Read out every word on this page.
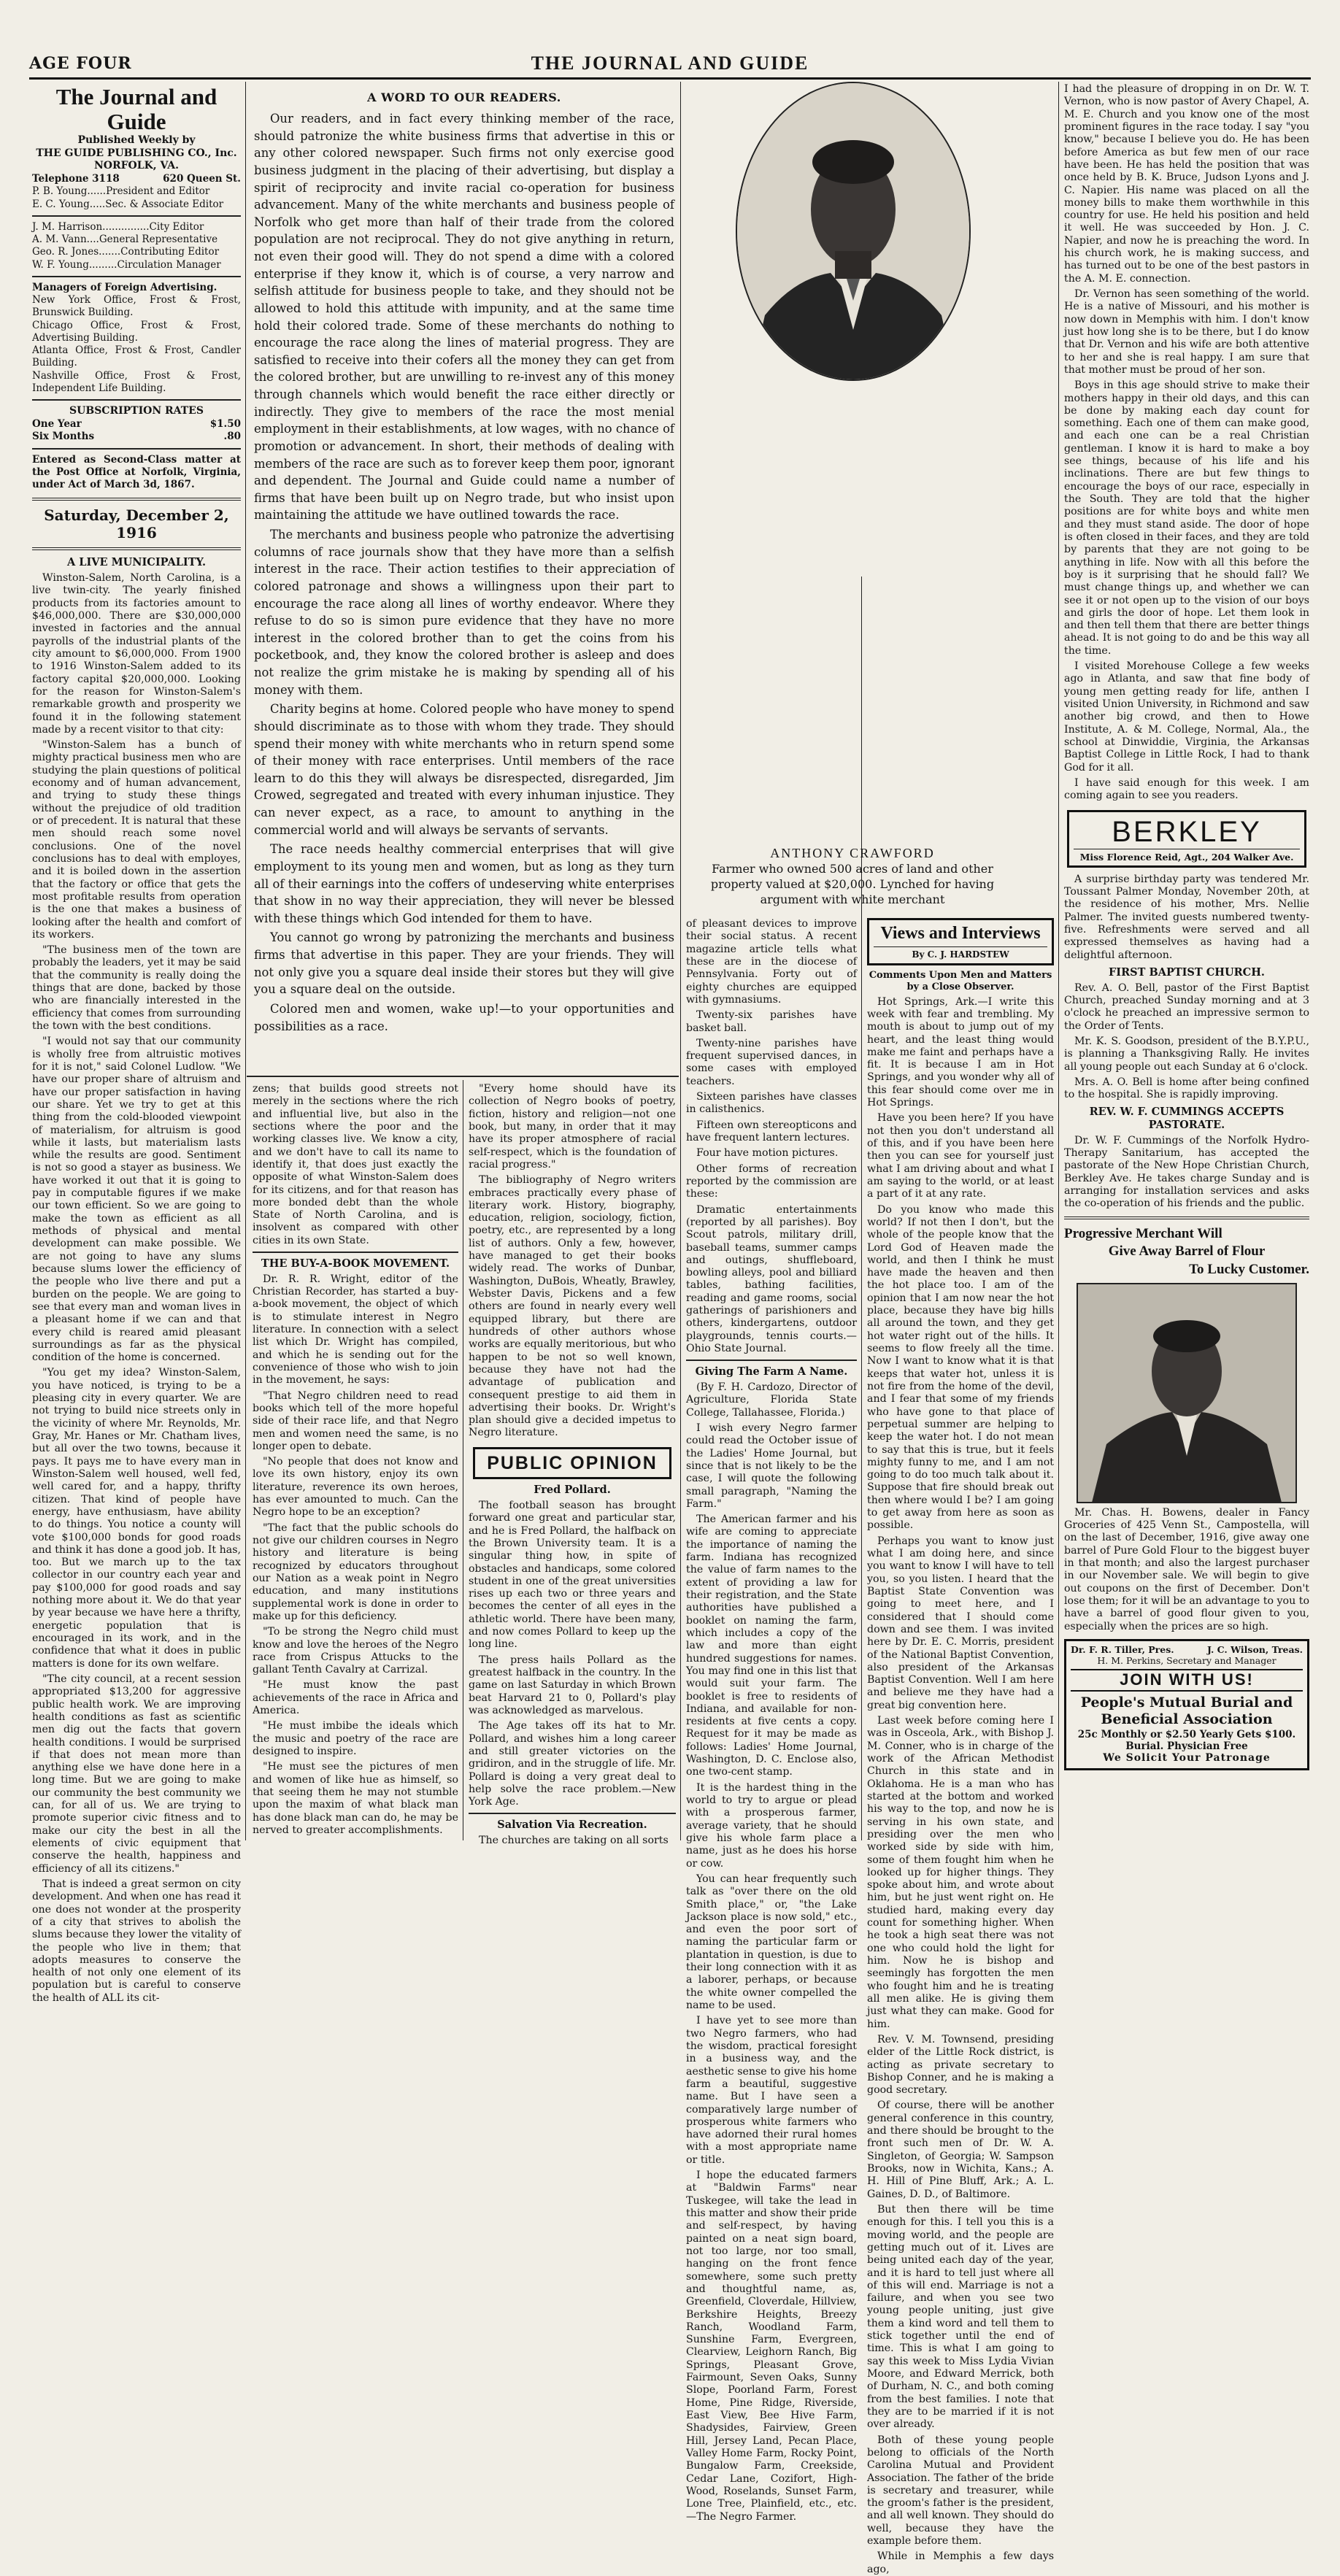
AGE FOUR	THE JOURNAL AND GUIDE
The Journal and Guide

Published Weekly by

THE GUIDE PUBLISHING CO., Inc.

NORFOLK, VA.

Telephone 3118	620 Queen St.
P. B. Young......President and Editor
E. C. Young.....Sec. & Associate Editor
J. M. Harrison...............City Editor
A. M. Vann....General Representative
Geo. R. Jones.......Contributing Editor
W. F. Young.........Circulation Manager
Managers of Foreign Advertising.
New York Office, Frost & Frost, Brunswick Building.
Chicago Office, Frost & Frost, Advertising Building.
Atlanta Office, Frost & Frost, Candler Building.
Nashville Office, Frost & Frost, Independent Life Building.
SUBSCRIPTION RATES
One Year	$1.50
Six Months	.80
Entered as Second-Class matter at the Post Office at Norfolk, Virginia, under Act of March 3d, 1867.
Saturday, December 2, 1916
A LIVE MUNICIPALITY.

Winston-Salem, North Carolina, is a live twin-city. The yearly finished products from its factories amount to $46,000,000. There are $30,000,000 invested in factories and the annual payrolls of the industrial plants of the city amount to $6,000,000. From 1900 to 1916 Winston-Salem added to its factory capital $20,000,000. Looking for the reason for Winston-Salem's remarkable growth and prosperity we found it in the following statement made by a recent visitor to that city:

"Winston-Salem has a bunch of mighty practical business men who are studying the plain questions of political economy and of human advancement, and trying to study these things without the prejudice of old tradition or of precedent. It is natural that these men should reach some novel conclusions. One of the novel conclusions has to deal with employes, and it is boiled down in the assertion that the factory or office that gets the most profitable results from operation is the one that makes a business of looking after the health and comfort of its workers.

"The business men of the town are probably the leaders, yet it may be said that the community is really doing the things that are done, backed by those who are financially interested in the efficiency that comes from surrounding the town with the best conditions.

"I would not say that our community is wholly free from altruistic motives for it is not," said Colonel Ludlow. "We have our proper share of altruism and have our proper satisfaction in having our share. Yet we try to get at this thing from the cold-blooded viewpoint of materialism, for altruism is good while it lasts, but materialism lasts while the results are good. Sentiment is not so good a stayer as business. We have worked it out that it is going to pay in computable figures if we make our town efficient. So we are going to make the town as efficient as all methods of physical and mental development can make possible. We are not going to have any slums because slums lower the efficiency of the people who live there and put a burden on the people. We are going to see that every man and woman lives in a pleasant home if we can and that every child is reared amid pleasant surroundings as far as the physical condition of the home is concerned.

"You get my idea? Winston-Salem, you have noticed, is trying to be a pleasing city in every quarter. We are not trying to build nice streets only in the vicinity of where Mr. Reynolds, Mr. Gray, Mr. Hanes or Mr. Chatham lives, but all over the two towns, because it pays. It pays me to have every man in Winston-Salem well housed, well fed, well cared for, and a happy, thrifty citizen. That kind of people have energy, have enthusiasm, have ability to do things. You notice a county will vote $100,000 bonds for good roads and think it has done a good job. It has, too. But we march up to the tax collector in our country each year and pay $100,000 for good roads and say nothing more about it. We do that year by year because we have here a thrifty, energetic population that is encouraged in its work, and in the confidence that what it does in public matters is done for its own welfare.

"The city council, at a recent session appropriated $13,200 for aggressive public health work. We are improving health conditions as fast as scientific men dig out the facts that govern health conditions. I would be surprised if that does not mean more than anything else we have done here in a long time. But we are going to make our community the best community we can, for all of us. We are trying to promote superior civic fitness and to make our city the best in all the elements of civic equipment that conserve the health, happiness and efficiency of all its citizens."

That is indeed a great sermon on city development. And when one has read it one does not wonder at the prosperity of a city that strives to abolish the slums because they lower the vitality of the people who live in them; that adopts measures to conserve the health of not only one element of its population but is careful to conserve the health of ALL its cit-

A WORD TO OUR READERS.

Our readers, and in fact every thinking member of the race, should patronize the white business firms that advertise in this or any other colored newspaper. Such firms not only exercise good business judgment in the placing of their advertising, but display a spirit of reciprocity and invite racial co-operation for business advancement. Many of the white merchants and business people of Norfolk who get more than half of their trade from the colored population are not reciprocal. They do not give anything in return, not even their good will. They do not spend a dime with a colored enterprise if they know it, which is of course, a very narrow and selfish attitude for business people to take, and they should not be allowed to hold this attitude with impunity, and at the same time hold their colored trade. Some of these merchants do nothing to encourage the race along the lines of material progress. They are satisfied to receive into their cofers all the money they can get from the colored brother, but are unwilling to re-invest any of this money through channels which would benefit the race either directly or indirectly. They give to members of the race the most menial employment in their establishments, at low wages, with no chance of promotion or advancement. In short, their methods of dealing with members of the race are such as to forever keep them poor, ignorant and dependent. The Journal and Guide could name a number of firms that have been built up on Negro trade, but who insist upon maintaining the attitude we have outlined towards the race.

The merchants and business people who patronize the advertising columns of race journals show that they have more than a selfish interest in the race. Their action testifies to their appreciation of colored patronage and shows a willingness upon their part to encourage the race along all lines of worthy endeavor. Where they refuse to do so is simon pure evidence that they have no more interest in the colored brother than to get the coins from his pocketbook, and, they know the colored brother is asleep and does not realize the grim mistake he is making by spending all of his money with them.

Charity begins at home. Colored people who have money to spend should discriminate as to those with whom they trade. They should spend their money with white merchants who in return spend some of their money with race enterprises. Until members of the race learn to do this they will always be disrespected, disregarded, Jim Crowed, segregated and treated with every inhuman injustice. They can never expect, as a race, to amount to anything in the commercial world and will always be servants of servants.

The race needs healthy commercial enterprises that will give employment to its young men and women, but as long as they turn all of their earnings into the coffers of undeserving white enterprises that show in no way their appreciation, they will never be blessed with these things which God intended for them to have.

You cannot go wrong by patronizing the merchants and business firms that advertise in this paper. They are your friends. They will not only give you a square deal inside their stores but they will give you a square deal on the outside.

Colored men and women, wake up!—to your opportunities and possibilities as a race.

zens; that builds good streets not merely in the sections where the rich and influential live, but also in the sections where the poor and the working classes live. We know a city, and we don't have to call its name to identify it, that does just exactly the opposite of what Winston-Salem does for its citizens, and for that reason has more bonded debt than the whole State of North Carolina, and is insolvent as compared with other cities in its own State.

THE BUY-A-BOOK MOVEMENT.

Dr. R. R. Wright, editor of the Christian Recorder, has started a buy-a-book movement, the object of which is to stimulate interest in Negro literature. In connection with a select list which Dr. Wright has compiled, and which he is sending out for the convenience of those who wish to join in the movement, he says:

"That Negro children need to read books which tell of the more hopeful side of their race life, and that Negro men and women need the same, is no longer open to debate.

"No people that does not know and love its own history, enjoy its own literature, reverence its own heroes, has ever amounted to much. Can the Negro hope to be an exception?

"The fact that the public schools do not give our children courses in Negro history and literature is being recognized by educators throughout our Nation as a weak point in Negro education, and many institutions supplemental work is done in order to make up for this deficiency.

"To be strong the Negro child must know and love the heroes of the Negro race from Crispus Attucks to the gallant Tenth Cavalry at Carrizal.

"He must know the past achievements of the race in Africa and America.

"He must imbibe the ideals which the music and poetry of the race are designed to inspire.

"He must see the pictures of men and women of like hue as himself, so that seeing them he may not stumble upon the maxim of what black man has done black man can do, he may be nerved to greater accomplishments.

"Every home should have its collection of Negro books of poetry, fiction, history and religion—not one book, but many, in order that it may have its proper atmosphere of racial self-respect, which is the foundation of racial progress."

The bibliography of Negro writers embraces practically every phase of literary work. History, biography, education, religion, sociology, fiction, poetry, etc., are represented by a long list of authors. Only a few, however, have managed to get their books widely read. The works of Dunbar, Washington, DuBois, Wheatly, Brawley, Webster Davis, Pickens and a few others are found in nearly every well equipped library, but there are hundreds of other authors whose works are equally meritorious, but who happen to be not so well known, because they have not had the advantage of publication and consequent prestige to aid them in advertising their books. Dr. Wright's plan should give a decided impetus to Negro literature.

PUBLIC OPINION
Fred Pollard.

The football season has brought forward one great and particular star, and he is Fred Pollard, the halfback on the Brown University team. It is a singular thing how, in spite of obstacles and handicaps, some colored student in one of the great universities rises up each two or three years and becomes the center of all eyes in the athletic world. There have been many, and now comes Pollard to keep up the long line.

The press hails Pollard as the greatest halfback in the country. In the game on last Saturday in which Brown beat Harvard 21 to 0, Pollard's play was acknowledged as marvelous.

The Age takes off its hat to Mr. Pollard, and wishes him a long career and still greater victories on the gridiron, and in the struggle of life. Mr. Pollard is doing a very great deal to help solve the race problem.—New York Age.

Salvation Via Recreation.

The churches are taking on all sorts

ANTHONY CRAWFORD
Farmer who owned 500 acres of land and other property valued at $20,000. Lynched for having argument with white merchant

of pleasant devices to improve their social status. A recent magazine article tells what these are in the diocese of Pennsylvania. Forty out of eighty churches are equipped with gymnasiums.

Twenty-six parishes have basket ball.

Twenty-nine parishes have frequent supervised dances, in some cases with employed teachers.

Sixteen parishes have classes in calisthenics.

Fifteen own stereopticons and have frequent lantern lectures.

Four have motion pictures.

Other forms of recreation reported by the commission are these:

Dramatic entertainments (reported by all parishes). Boy Scout patrols, military drill, baseball teams, summer camps and outings, shuffleboard, bowling alleys, pool and billiard tables, bathing facilities, reading and game rooms, social gatherings of parishioners and others, kindergartens, outdoor playgrounds, tennis courts.—Ohio State Journal.

Giving The Farm A Name.

(By F. H. Cardozo, Director of Agriculture, Florida State College, Tallahassee, Florida.)

I wish every Negro farmer could read the October issue of the Ladies' Home Journal, but since that is not likely to be the case, I will quote the following small paragraph, "Naming the Farm."

The American farmer and his wife are coming to appreciate the importance of naming the farm. Indiana has recognized the value of farm names to the extent of providing a law for their registration, and the State authorities have published a booklet on naming the farm, which includes a copy of the law and more than eight hundred suggestions for names. You may find one in this list that would suit your farm. The booklet is free to residents of Indiana, and available for non-residents at five cents a copy. Request for it may be made as follows: Ladies' Home Journal, Washington, D. C. Enclose also, one two-cent stamp.

It is the hardest thing in the world to try to argue or plead with a prosperous farmer, average variety, that he should give his whole farm place a name, just as he does his horse or cow.

You can hear frequently such talk as "over there on the old Smith place," or, "the Lake Jackson place is now sold," etc., and even the poor sort of naming the particular farm or plantation in question, is due to their long connection with it as a laborer, perhaps, or because the white owner compelled the name to be used.

I have yet to see more than two Negro farmers, who had the wisdom, practical foresight in a business way, and the aesthetic sense to give his home farm a beautiful, suggestive name. But I have seen a comparatively large number of prosperous white farmers who have adorned their rural homes with a most appropriate name or title.

I hope the educated farmers at "Baldwin Farms" near Tuskegee, will take the lead in this matter and show their pride and self-respect, by having painted on a neat sign board, not too large, nor too small, hanging on the front fence somewhere, some such pretty and thoughtful name, as, Greenfield, Cloverdale, Hillview, Berkshire Heights, Breezy Ranch, Woodland Farm, Sunshine Farm, Evergreen, Clearview, Leighorn Ranch, Big Springs, Pleasant Grove, Fairmount, Seven Oaks, Sunny Slope, Poorland Farm, Forest Home, Pine Ridge, Riverside, East View, Bee Hive Farm, Shadysides, Fairview, Green Hill, Jersey Land, Pecan Place, Valley Home Farm, Rocky Point, Bungalow Farm, Creekside, Cedar Lane, Cozifort, High-Wood, Roselands, Sunset Farm, Lone Tree, Plainfield, etc., etc.—The Negro Farmer.

Views and Interviews
By C. J. HARDSTEW
Comments Upon Men and Matters by a Close Observer.

Hot Springs, Ark.—I write this week with fear and trembling. My mouth is about to jump out of my heart, and the least thing would make me faint and perhaps have a fit. It is because I am in Hot Springs, and you wonder why all of this fear should come over me in Hot Springs.

Have you been here? If you have not then you don't understand all of this, and if you have been here then you can see for yourself just what I am driving about and what I am saying to the world, or at least a part of it at any rate.

Do you know who made this world? If not then I don't, but the whole of the people know that the Lord God of Heaven made the world, and then I think he must have made the heaven and then the hot place too. I am of the opinion that I am now near the hot place, because they have big hills all around the town, and they get hot water right out of the hills. It seems to flow freely all the time. Now I want to know what it is that keeps that water hot, unless it is not fire from the home of the devil, and I fear that some of my friends who have gone to that place of perpetual summer are helping to keep the water hot. I do not mean to say that this is true, but it feels mighty funny to me, and I am not going to do too much talk about it. Suppose that fire should break out then where would I be? I am going to get away from here as soon as possible.

Perhaps you want to know just what I am doing here, and since you want to know I will have to tell you, so you listen. I heard that the Baptist State Convention was going to meet here, and I considered that I should come down and see them. I was invited here by Dr. E. C. Morris, president of the National Baptist Convention, also president of the Arkansas Baptist Convention. Well I am here and believe me they have had a great big convention here.

Last week before coming here I was in Osceola, Ark., with Bishop J. M. Conner, who is in charge of the work of the African Methodist Church in this state and in Oklahoma. He is a man who has started at the bottom and worked his way to the top, and now he is serving in his own state, and presiding over the men who worked side by side with him, some of them fought him when he looked up for higher things. They spoke about him, and wrote about him, but he just went right on. He studied hard, making every day count for something higher. When he took a high seat there was not one who could hold the light for him. Now he is bishop and seemingly has forgotten the men who fought him and he is treating all men alike. He is giving them just what they can make. Good for him.

Rev. V. M. Townsend, presiding elder of the Little Rock district, is acting as private secretary to Bishop Conner, and he is making a good secretary.

Of course, there will be another general conference in this country, and there should be brought to the front such men of Dr. W. A. Singleton, of Georgia; W. Sampson Brooks, now in Wichita, Kans.; A. H. Hill of Pine Bluff, Ark.; A. L. Gaines, D. D., of Baltimore.

But then there will be time enough for this. I tell you this is a moving world, and the people are getting much out of it. Lives are being united each day of the year, and it is hard to tell just where all of this will end. Marriage is not a failure, and when you see two young people uniting, just give them a kind word and tell them to stick together until the end of time. This is what I am going to say this week to Miss Lydia Vivian Moore, and Edward Merrick, both of Durham, N. C., and both coming from the best families. I note that they are to be married if it is not over already.

Both of these young people belong to officials of the North Carolina Mutual and Provident Association. The father of the bride is secretary and treasurer, while the groom's father is the president, and all well known. They should do well, because they have the example before them.

While in Memphis a few days ago,

I had the pleasure of dropping in on Dr. W. T. Vernon, who is now pastor of Avery Chapel, A. M. E. Church and you know one of the most prominent figures in the race today. I say "you know," because I believe you do. He has been before America as but few men of our race have been. He has held the position that was once held by B. K. Bruce, Judson Lyons and J. C. Napier. His name was placed on all the money bills to make them worthwhile in this country for use. He held his position and held it well. He was succeeded by Hon. J. C. Napier, and now he is preaching the word. In his church work, he is making success, and has turned out to be one of the best pastors in the A. M. E. connection.

Dr. Vernon has seen something of the world. He is a native of Missouri, and his mother is now down in Memphis with him. I don't know just how long she is to be there, but I do know that Dr. Vernon and his wife are both attentive to her and she is real happy. I am sure that that mother must be proud of her son.

Boys in this age should strive to make their mothers happy in their old days, and this can be done by making each day count for something. Each one of them can make good, and each one can be a real Christian gentleman. I know it is hard to make a boy see things, because of his life and his inclinations. There are but few things to encourage the boys of our race, especially in the South. They are told that the higher positions are for white boys and white men and they must stand aside. The door of hope is often closed in their faces, and they are told by parents that they are not going to be anything in life. Now with all this before the boy is it surprising that he should fall? We must change things up, and whether we can see it or not open up to the vision of our boys and girls the door of hope. Let them look in and then tell them that there are better things ahead. It is not going to do and be this way all the time.

I visited Morehouse College a few weeks ago in Atlanta, and saw that fine body of young men getting ready for life, anthen I visited Union University, in Richmond and saw another big crowd, and then to Howe Institute, A. & M. College, Normal, Ala., the school at Dinwiddie, Virginia, the Arkansas Baptist College in Little Rock, I had to thank God for it all.

I have said enough for this week. I am coming again to see you readers.

BERKLEY
Miss Florence Reid, Agt., 204 Walker Ave.

A surprise birthday party was tendered Mr. Toussant Palmer Monday, November 20th, at the residence of his mother, Mrs. Nellie Palmer. The invited guests numbered twenty-five. Refreshments were served and all expressed themselves as having had a delightful afternoon.

FIRST BAPTIST CHURCH.

Rev. A. O. Bell, pastor of the First Baptist Church, preached Sunday morning and at 3 o'clock he preached an impressive sermon to the Order of Tents.

Mr. K. S. Goodson, president of the B.Y.P.U., is planning a Thanksgiving Rally. He invites all young people out each Sunday at 6 o'clock.

Mrs. A. O. Bell is home after being confined to the hospital. She is rapidly improving.

REV. W. F. CUMMINGS ACCEPTS PASTORATE.

Dr. W. F. Cummings of the Norfolk Hydro-Therapy Sanitarium, has accepted the pastorate of the New Hope Christian Church, Berkley Ave. He takes charge Sunday and is arranging for installation services and asks the co-operation of his friends and the public.

Progressive Merchant Will
Give Away Barrel of Flour
To Lucky Customer.

Mr. Chas. H. Bowens, dealer in Fancy Groceries of 425 Venn St., Campostella, will on the last of December, 1916, give away one barrel of Pure Gold Flour to the biggest buyer in that month; and also the largest purchaser in our November sale. We will begin to give out coupons on the first of December. Don't lose them; for it will be an advantage to you to have a barrel of good flour given to you, especially when the prices are so high.

Dr. F. R. Tiller, Pres.	J. C. Wilson, Treas.
H. M. Perkins, Secretary and Manager
JOIN WITH US!
People's Mutual Burial and
Beneficial Association
25c Monthly or $2.50 Yearly Gets $100. Burial. Physician Free
We Solicit Your Patronage
